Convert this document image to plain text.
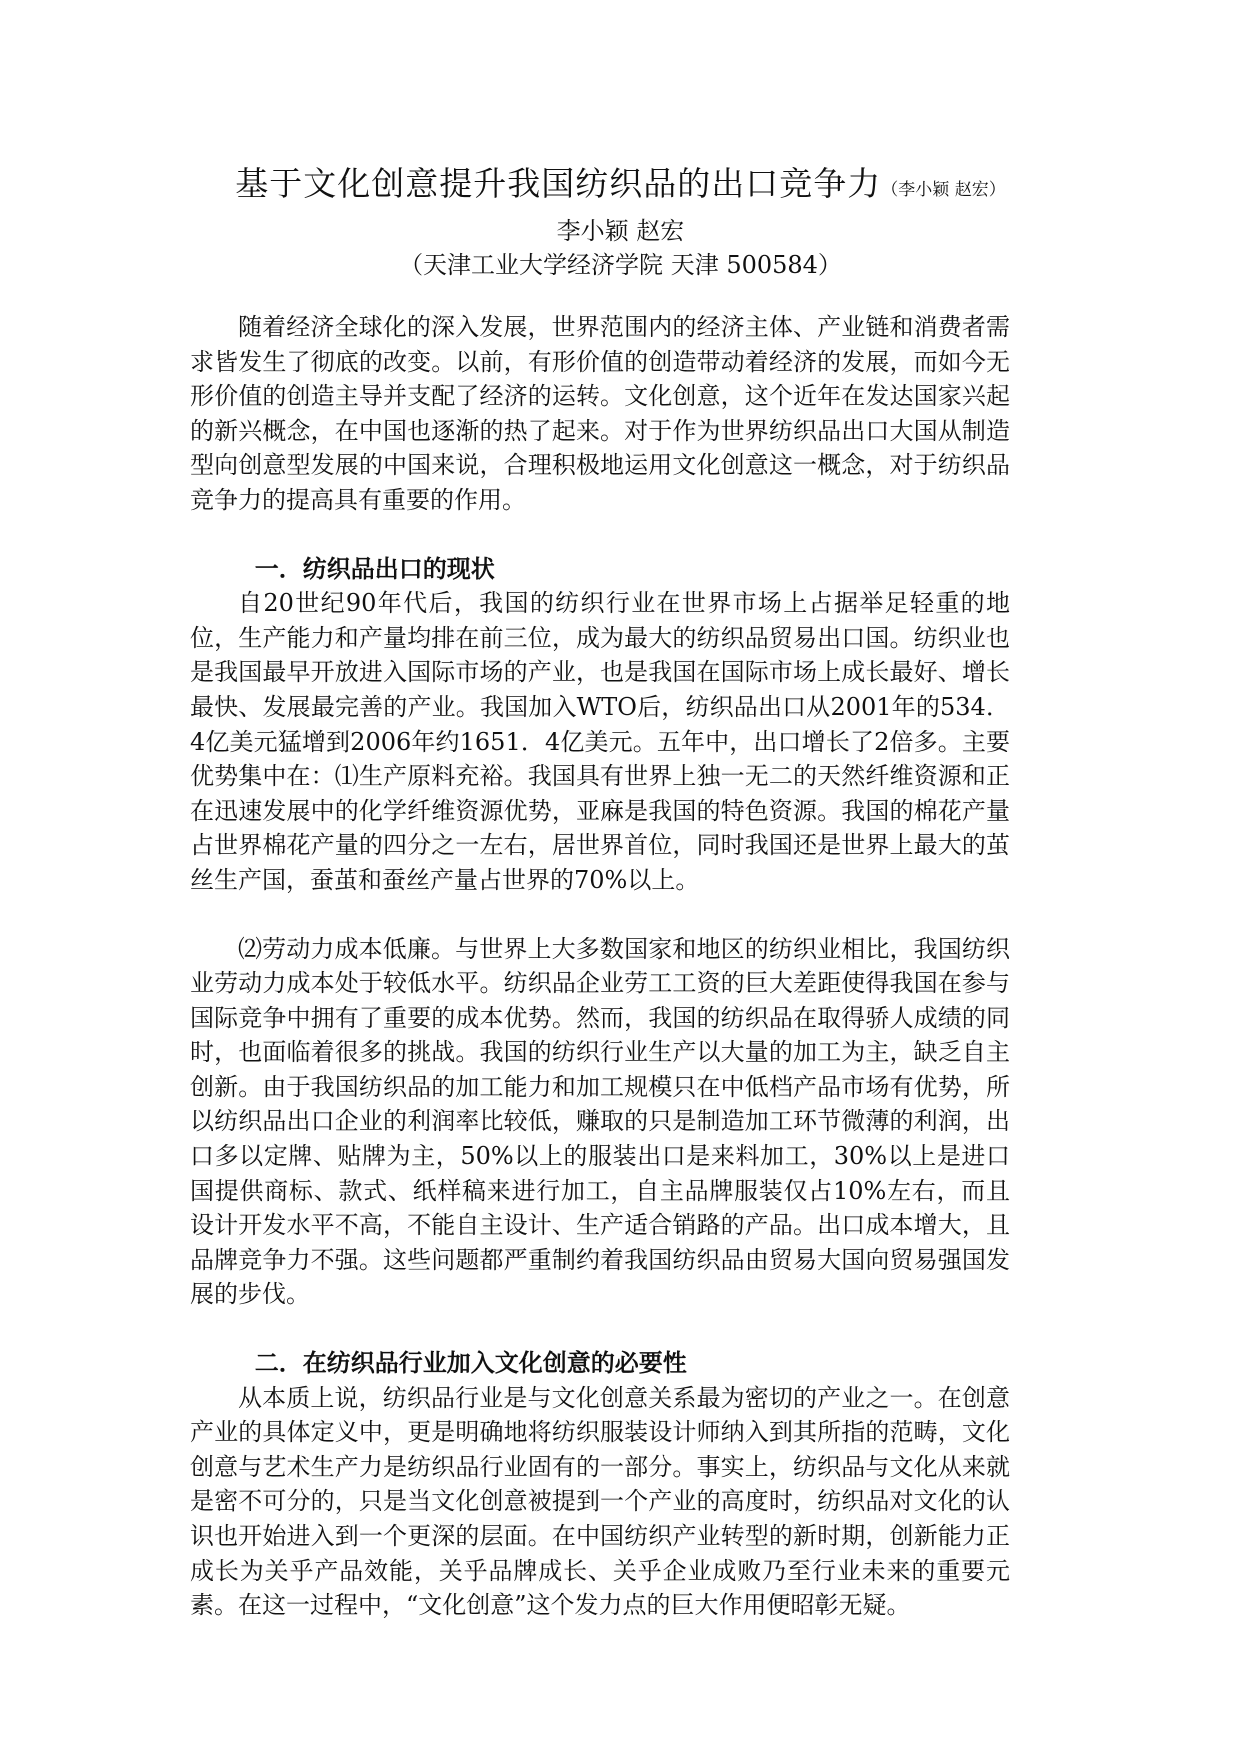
基于文化创意提升我国纺织品的出口竞争力（李小颖 赵宏）
李小颖 赵宏
（天津工业大学经济学院 天津 500584）

随着经济全球化的深入发展，世界范围内的经济主体、产业链和消费者需求皆发生了彻底的改变。以前，有形价值的创造带动着经济的发展，而如今无形价值的创造主导并支配了经济的运转。文化创意，这个近年在发达国家兴起的新兴概念，在中国也逐渐的热了起来。对于作为世界纺织品出口大国从制造型向创意型发展的中国来说，合理积极地运用文化创意这一概念，对于纺织品竞争力的提高具有重要的作用。

一．纺织品出口的现状

自20世纪90年代后，我国的纺织行业在世界市场上占据举足轻重的地位，生产能力和产量均排在前三位，成为最大的纺织品贸易出口国。纺织业也是我国最早开放进入国际市场的产业，也是我国在国际市场上成长最好、增长最快、发展最完善的产业。我国加入WTO后，纺织品出口从2001年的534．4亿美元猛增到2006年约1651．4亿美元。五年中，出口增长了2倍多。主要优势集中在：⑴生产原料充裕。我国具有世界上独一无二的天然纤维资源和正在迅速发展中的化学纤维资源优势，亚麻是我国的特色资源。我国的棉花产量占世界棉花产量的四分之一左右，居世界首位，同时我国还是世界上最大的茧丝生产国，蚕茧和蚕丝产量占世界的70%以上。

⑵劳动力成本低廉。与世界上大多数国家和地区的纺织业相比，我国纺织业劳动力成本处于较低水平。纺织品企业劳工工资的巨大差距使得我国在参与国际竞争中拥有了重要的成本优势。然而，我国的纺织品在取得骄人成绩的同时，也面临着很多的挑战。我国的纺织行业生产以大量的加工为主，缺乏自主创新。由于我国纺织品的加工能力和加工规模只在中低档产品市场有优势，所以纺织品出口企业的利润率比较低，赚取的只是制造加工环节微薄的利润，出口多以定牌、贴牌为主，50%以上的服装出口是来料加工，30%以上是进口国提供商标、款式、纸样稿来进行加工，自主品牌服装仅占10%左右，而且设计开发水平不高，不能自主设计、生产适合销路的产品。出口成本增大，且品牌竞争力不强。这些问题都严重制约着我国纺织品由贸易大国向贸易强国发展的步伐。

二．在纺织品行业加入文化创意的必要性

从本质上说，纺织品行业是与文化创意关系最为密切的产业之一。在创意产业的具体定义中，更是明确地将纺织服装设计师纳入到其所指的范畴，文化创意与艺术生产力是纺织品行业固有的一部分。事实上，纺织品与文化从来就是密不可分的，只是当文化创意被提到一个产业的高度时，纺织品对文化的认识也开始进入到一个更深的层面。在中国纺织产业转型的新时期，创新能力正成长为关乎产品效能，关乎品牌成长、关乎企业成败乃至行业未来的重要元素。在这一过程中，“文化创意”这个发力点的巨大作用便昭彰无疑。
